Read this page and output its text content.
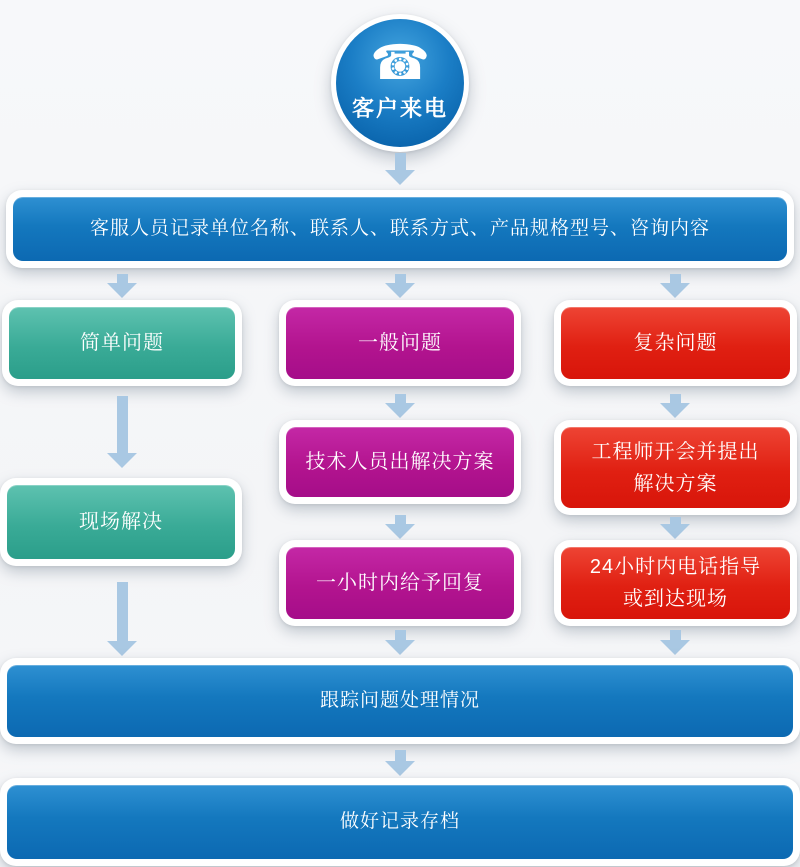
☎
客户来电
客服人员记录单位名称、联系人、联系方式、产品规格型号、咨询内容
简单问题	一般问题	复杂问题
现场解决
技术人员出解决方案
一小时内给予回复
工程师开会并提出
解决方案
24小时内电话指导
或到达现场
跟踪问题处理情况
做好记录存档
